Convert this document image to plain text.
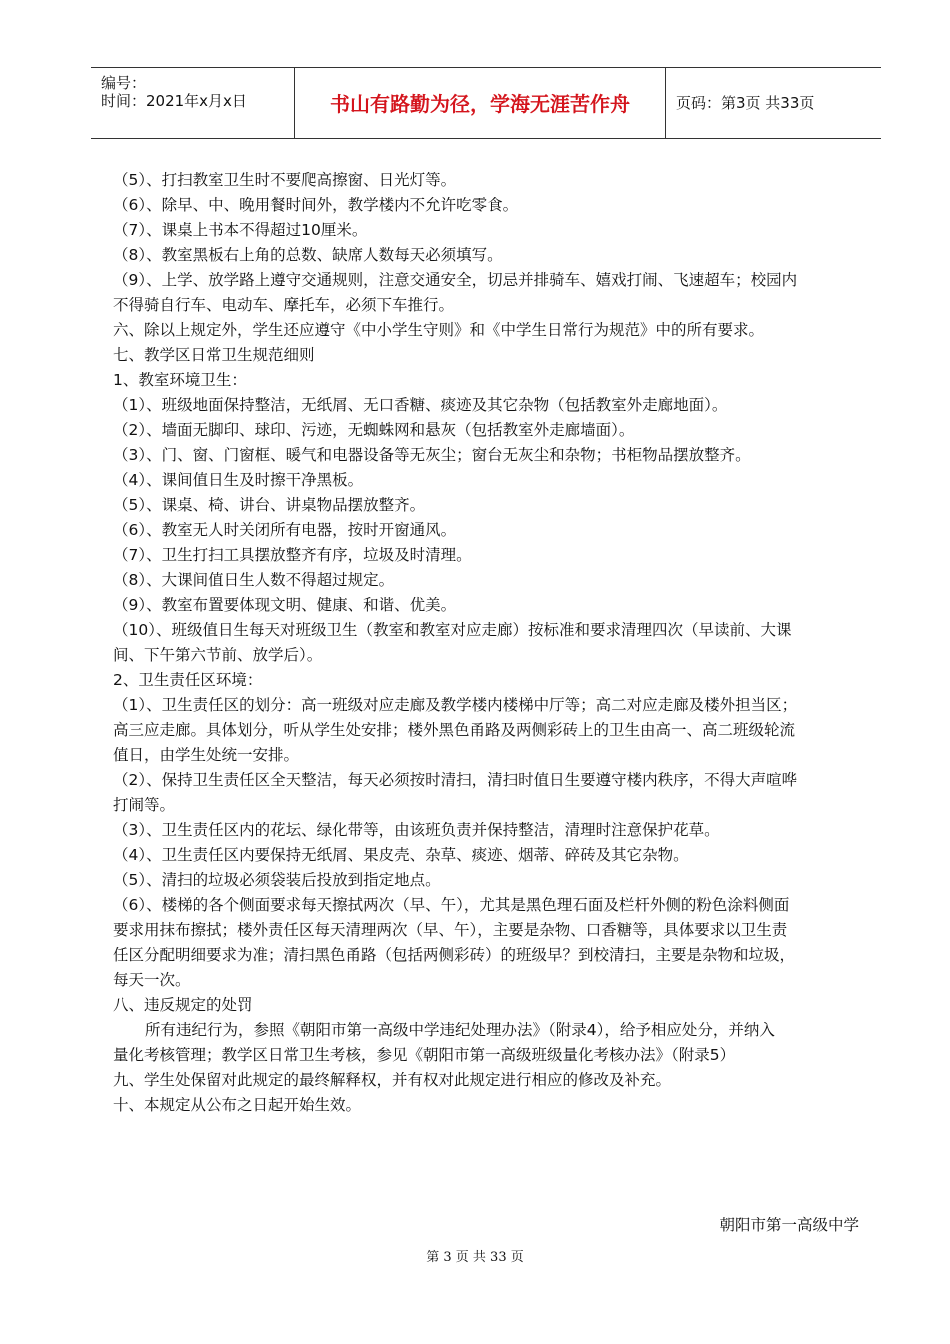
编号：
时间：2021年x月x日	书山有路勤为径，学海无涯苦作舟	页码：第3页 共33页
（5）、打扫教室卫生时不要爬高擦窗、日光灯等。
（6）、除早、中、晚用餐时间外，教学楼内不允许吃零食。
（7）、课桌上书本不得超过10厘米。
（8）、教室黑板右上角的总数、缺席人数每天必须填写。
（9）、上学、放学路上遵守交通规则，注意交通安全，切忌并排骑车、嬉戏打闹、飞速超车；校园内
不得骑自行车、电动车、摩托车，必须下车推行。
六、除以上规定外，学生还应遵守《中小学生守则》和《中学生日常行为规范》中的所有要求。
七、教学区日常卫生规范细则
1、教室环境卫生：
（1）、班级地面保持整洁，无纸屑、无口香糖、痰迹及其它杂物（包括教室外走廊地面）。
（2）、墙面无脚印、球印、污迹，无蜘蛛网和悬灰（包括教室外走廊墙面）。
（3）、门、窗、门窗框、暖气和电器设备等无灰尘；窗台无灰尘和杂物；书柜物品摆放整齐。
（4）、课间值日生及时擦干净黑板。
（5）、课桌、椅、讲台、讲桌物品摆放整齐。
（6）、教室无人时关闭所有电器，按时开窗通风。
（7）、卫生打扫工具摆放整齐有序，垃圾及时清理。
（8）、大课间值日生人数不得超过规定。
（9）、教室布置要体现文明、健康、和谐、优美。
（10）、班级值日生每天对班级卫生（教室和教室对应走廊）按标准和要求清理四次（早读前、大课
间、下午第六节前、放学后）。
2、卫生责任区环境：
（1）、卫生责任区的划分：高一班级对应走廊及教学楼内楼梯中厅等；高二对应走廊及楼外担当区；
高三应走廊。具体划分，听从学生处安排；楼外黑色甬路及两侧彩砖上的卫生由高一、高二班级轮流
值日，由学生处统一安排。
（2）、保持卫生责任区全天整洁，每天必须按时清扫，清扫时值日生要遵守楼内秩序，不得大声喧哗
打闹等。
（3）、卫生责任区内的花坛、绿化带等，由该班负责并保持整洁，清理时注意保护花草。
（4）、卫生责任区内要保持无纸屑、果皮壳、杂草、痰迹、烟蒂、碎砖及其它杂物。
（5）、清扫的垃圾必须袋装后投放到指定地点。
（6）、楼梯的各个侧面要求每天擦拭两次（早、午），尤其是黑色理石面及栏杆外侧的粉色涂料侧面
要求用抹布擦拭；楼外责任区每天清理两次（早、午），主要是杂物、口香糖等，具体要求以卫生责
任区分配明细要求为准；清扫黑色甬路（包括两侧彩砖）的班级早？到校清扫，主要是杂物和垃圾，
每天一次。
八、违反规定的处罚
所有违纪行为，参照《朝阳市第一高级中学违纪处理办法》（附录4），给予相应处分，并纳入
量化考核管理；教学区日常卫生考核，参见《朝阳市第一高级班级量化考核办法》（附录5）
九、学生处保留对此规定的最终解释权，并有权对此规定进行相应的修改及补充。
十、本规定从公布之日起开始生效。
朝阳市第一高级中学
第 3 页 共 33 页
